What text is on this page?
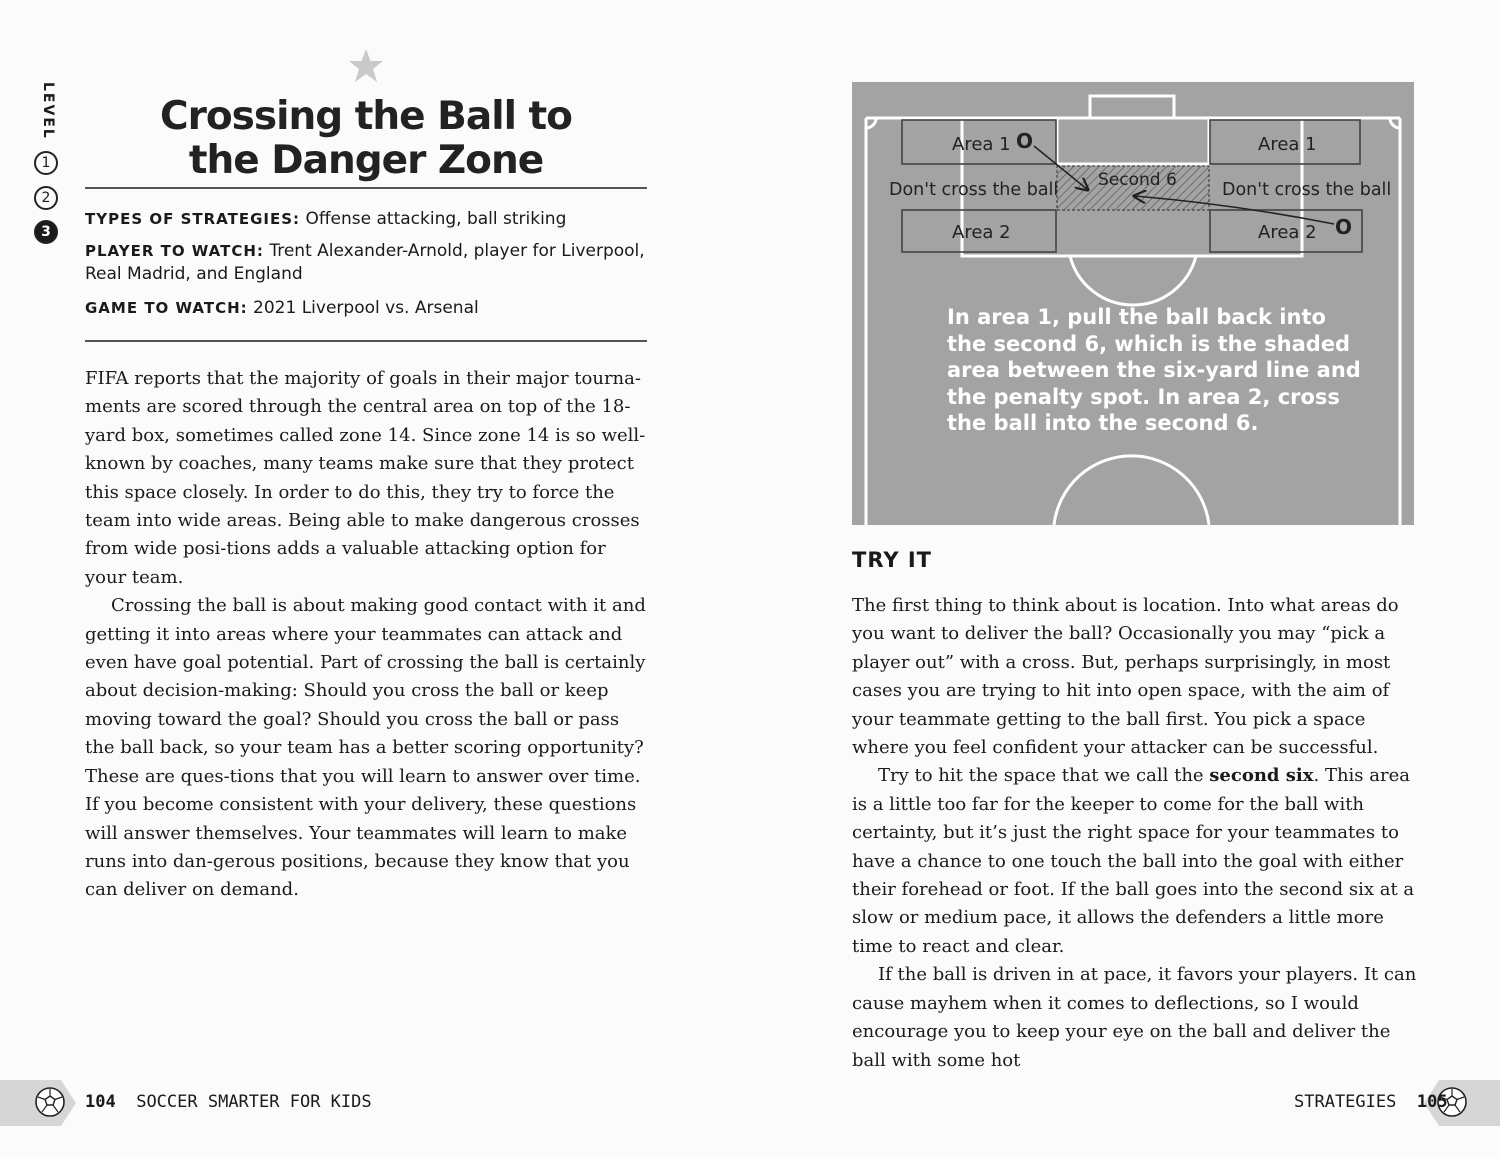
LEVEL
1
2
3
Crossing the Ball to
the Danger Zone
TYPES OF STRATEGIES: Offense attacking, ball striking
PLAYER TO WATCH: Trent Alexander-Arnold, player for Liverpool,
Real Madrid, and England
GAME TO WATCH: 2021 Liverpool vs. Arsenal

FIFA reports that the majority of goals in their major tourna-ments are scored through the central area on top of the 18-yard box, sometimes called zone 14. Since zone 14 is so well-known by coaches, many teams make sure that they protect this space closely. In order to do this, they try to force the team into wide areas. Being able to make dangerous crosses from wide posi-tions adds a valuable attacking option for your team.

Crossing the ball is about making good contact with it and getting it into areas where your teammates can attack and even have goal potential. Part of crossing the ball is certainly about decision-making: Should you cross the ball or keep moving toward the goal? Should you cross the ball or pass the ball back, so your team has a better scoring opportunity? These are ques-tions that you will learn to answer over time. If you become consistent with your delivery, these questions will answer themselves. Your teammates will learn to make runs into dan-gerous positions, because they know that you can deliver on demand.

104 SOCCER SMARTER FOR KIDS
Area 1	Area 1
Area 2	Area 2
Don't cross the ball	Don't cross the ball
Second 6
O
O
In area 1, pull the ball back into the second 6, which is the shaded area between the six-yard line and the penalty spot. In area 2, cross the ball into the second 6.
TRY IT

The first thing to think about is location. Into what areas do you want to deliver the ball? Occasionally you may “pick a player out” with a cross. But, perhaps surprisingly, in most cases you are trying to hit into open space, with the aim of your teammate getting to the ball first. You pick a space where you feel confident your attacker can be successful.

Try to hit the space that we call the second six. This area is a little too far for the keeper to come for the ball with certainty, but it’s just the right space for your teammates to have a chance to one touch the ball into the goal with either their forehead or foot. If the ball goes into the second six at a slow or medium pace, it allows the defenders a little more time to react and clear.

If the ball is driven in at pace, it favors your players. It can cause mayhem when it comes to deflections, so I would encourage you to keep your eye on the ball and deliver the ball with some hot

STRATEGIES 105
